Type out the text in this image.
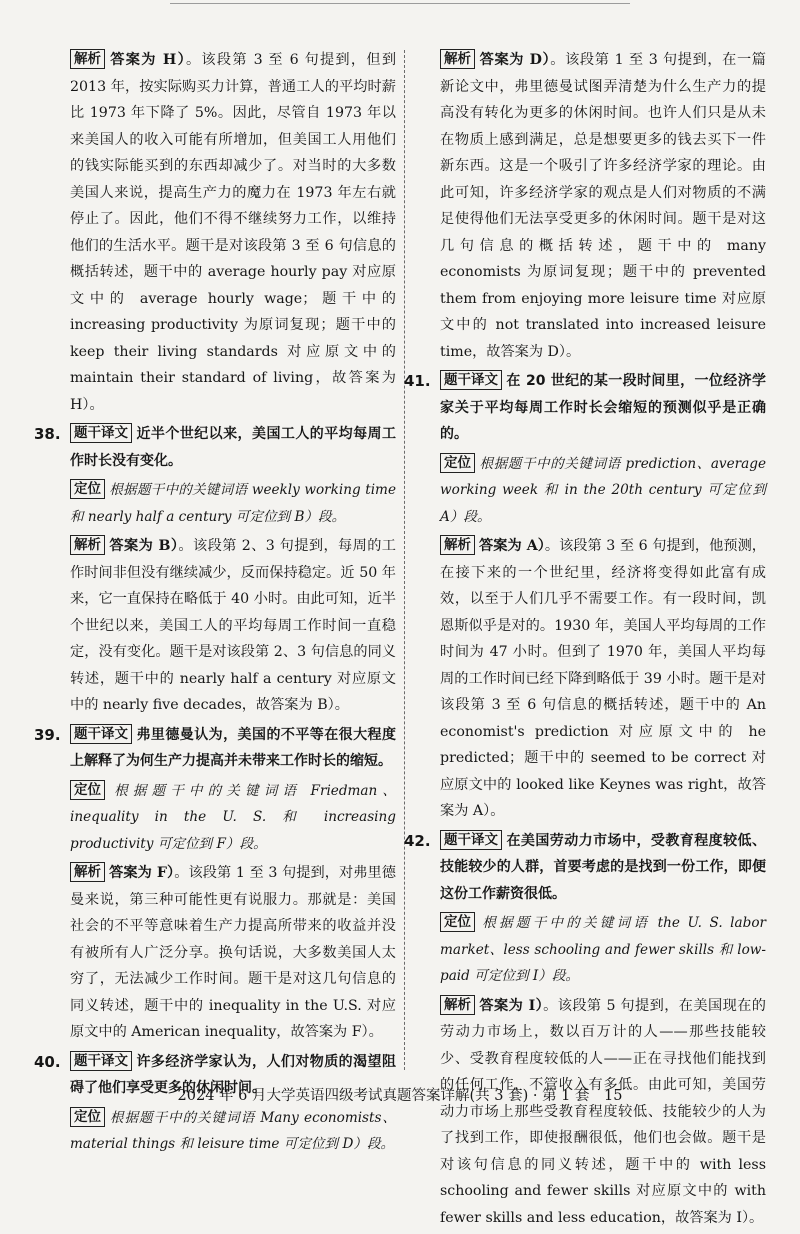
解析 答案为 H）。该段第 3 至 6 句提到，但到 2013 年，按实际购买力计算，普通工人的平均时薪比 1973 年下降了 5%。因此，尽管自 1973 年以来美国人的收入可能有所增加，但美国工人用他们的钱实际能买到的东西却减少了。对当时的大多数美国人来说，提高生产力的魔力在 1973 年左右就停止了。因此，他们不得不继续努力工作，以维持他们的生活水平。题干是对该段第 3 至 6 句信息的概括转述，题干中的 average hourly pay 对应原文中的 average hourly wage；题干中的 increasing productivity 为原词复现；题干中的 keep their living standards 对应原文中的 maintain their standard of living，故答案为 H）。

38. 题干译文 近半个世纪以来，美国工人的平均每周工作时长没有变化。

定位 根据题干中的关键词语 weekly working time 和 nearly half a century 可定位到 B）段。

解析 答案为 B）。该段第 2、3 句提到，每周的工作时间非但没有继续减少，反而保持稳定。近 50 年来，它一直保持在略低于 40 小时。由此可知，近半个世纪以来，美国工人的平均每周工作时间一直稳定，没有变化。题干是对该段第 2、3 句信息的同义转述，题干中的 nearly half a century 对应原文中的 nearly five decades，故答案为 B）。

39. 题干译文 弗里德曼认为，美国的不平等在很大程度上解释了为何生产力提高并未带来工作时长的缩短。

定位 根据题干中的关键词语 Friedman、inequality in the U. S. 和 increasing productivity 可定位到 F）段。

解析 答案为 F）。该段第 1 至 3 句提到，对弗里德曼来说，第三种可能性更有说服力。那就是：美国社会的不平等意味着生产力提高所带来的收益并没有被所有人广泛分享。换句话说，大多数美国人太穷了，无法减少工作时间。题干是对这几句信息的同义转述，题干中的 inequality in the U.S. 对应原文中的 American inequality，故答案为 F）。

40. 题干译文 许多经济学家认为，人们对物质的渴望阻碍了他们享受更多的休闲时间。

定位 根据题干中的关键词语 Many economists、material things 和 leisure time 可定位到 D）段。

解析 答案为 D）。该段第 1 至 3 句提到，在一篇新论文中，弗里德曼试图弄清楚为什么生产力的提高没有转化为更多的休闲时间。也许人们只是从未在物质上感到满足，总是想要更多的钱去买下一件新东西。这是一个吸引了许多经济学家的理论。由此可知，许多经济学家的观点是人们对物质的不满足使得他们无法享受更多的休闲时间。题干是对这几句信息的概括转述，题干中的 many economists 为原词复现；题干中的 prevented them from enjoying more leisure time 对应原文中的 not translated into increased leisure time，故答案为 D）。

41. 题干译文 在 20 世纪的某一段时间里，一位经济学家关于平均每周工作时长会缩短的预测似乎是正确的。

定位 根据题干中的关键词语 prediction、average working week 和 in the 20th century 可定位到 A）段。

解析 答案为 A）。该段第 3 至 6 句提到，他预测，在接下来的一个世纪里，经济将变得如此富有成效，以至于人们几乎不需要工作。有一段时间，凯恩斯似乎是对的。1930 年，美国人平均每周的工作时间为 47 小时。但到了 1970 年，美国人平均每周的工作时间已经下降到略低于 39 小时。题干是对该段第 3 至 6 句信息的概括转述，题干中的 An economist's prediction 对应原文中的 he predicted；题干中的 seemed to be correct 对应原文中的 looked like Keynes was right，故答案为 A）。

42. 题干译文 在美国劳动力市场中，受教育程度较低、技能较少的人群，首要考虑的是找到一份工作，即便这份工作薪资很低。

定位 根据题干中的关键词语 the U. S. labor market、less schooling and fewer skills 和 low-paid 可定位到 I）段。

解析 答案为 I）。该段第 5 句提到，在美国现在的劳动力市场上，数以百万计的人——那些技能较少、受教育程度较低的人——正在寻找他们能找到的任何工作，不管收入有多低。由此可知，美国劳动力市场上那些受教育程度较低、技能较少的人为了找到工作，即使报酬很低，他们也会做。题干是对该句信息的同义转述，题干中的 with less schooling and fewer skills 对应原文中的 with fewer skills and less education，故答案为 I）。

2024 年 6 月大学英语四级考试真题答案详解(共 3 套) · 第 1 套　15
